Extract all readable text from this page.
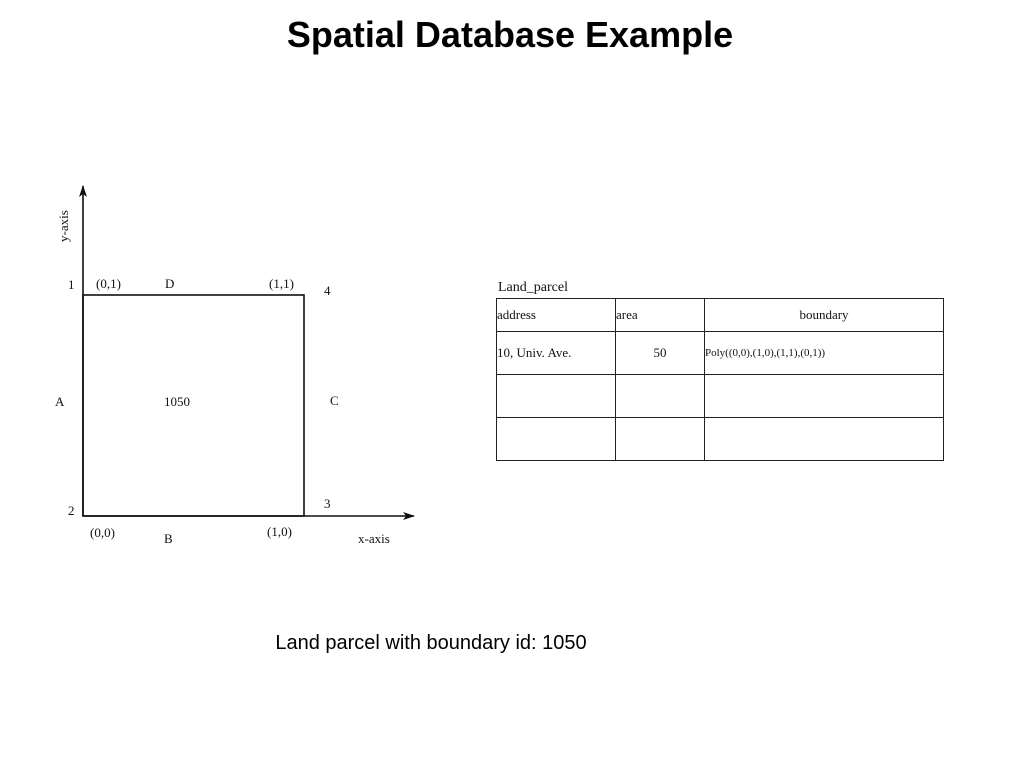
Spatial Database Example
y-axis
x-axis
1
2	3
4
(0,1)
(0,0)	(1,0)
(1,1)
A
B
C
D
1050
Land_parcel
address	area	boundary
10, Univ. Ave.	50	Poly((0,0),(1,0),(1,1),(0,1))

Land parcel with boundary id: 1050
